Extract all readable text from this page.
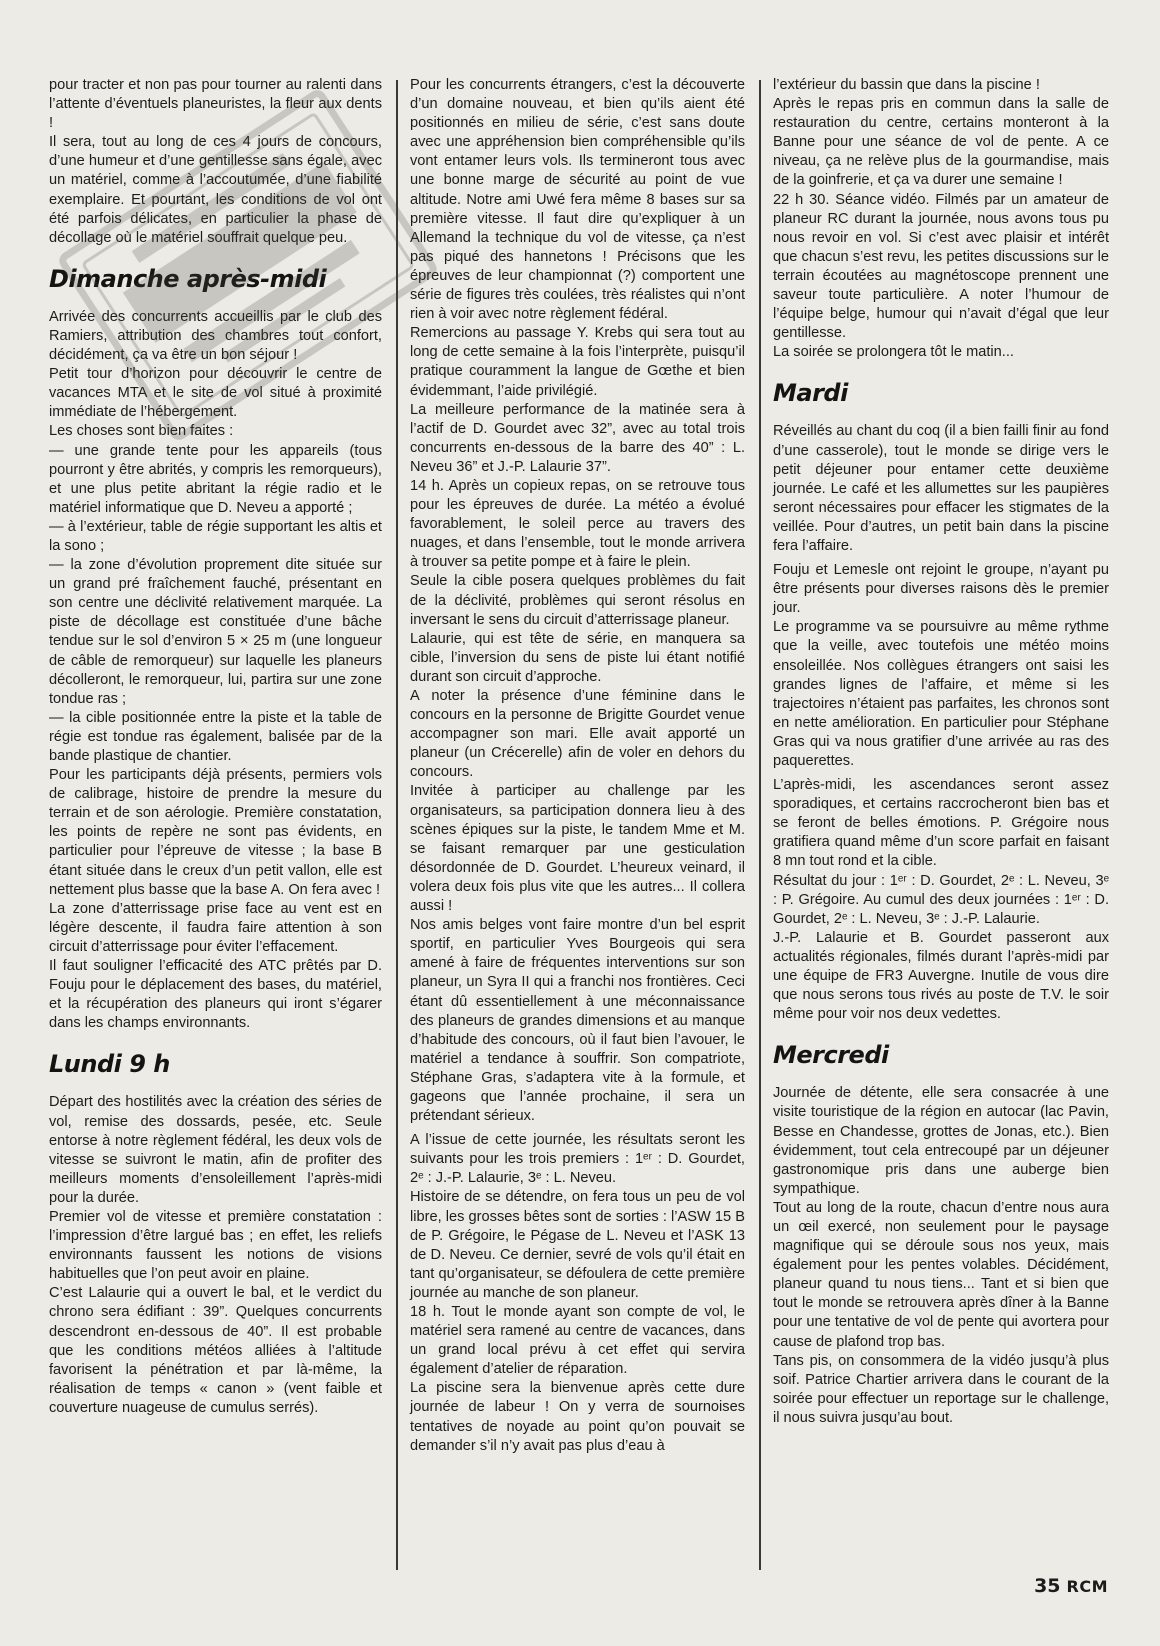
pour tracter et non pas pour tourner au ralenti dans l’attente d’éventuels planeuristes, la fleur aux dents !

Il sera, tout au long de ces 4 jours de concours, d’une humeur et d’une gentillesse sans égale, avec un matériel, comme à l’accoutumée, d’une fiabilité exemplaire. Et pourtant, les conditions de vol ont été parfois délicates, en particulier la phase de décollage où le matériel souffrait quelque peu.

Dimanche après-midi

Arrivée des concurrents accueillis par le club des Ramiers, attribution des chambres tout confort, décidément, ça va être un bon séjour !

Petit tour d’horizon pour découvrir le centre de vacances MTA et le site de vol situé à proximité immédiate de l’hébergement.

Les choses sont bien faites :

— une grande tente pour les appareils (tous pourront y être abrités, y compris les remorqueurs), et une plus petite abritant la régie radio et le matériel informatique que D. Neveu a apporté ;

— à l’extérieur, table de régie supportant les altis et la sono ;

— la zone d’évolution proprement dite située sur un grand pré fraîchement fauché, présentant en son centre une déclivité relativement marquée. La piste de décollage est constituée d’une bâche tendue sur le sol d’environ 5 × 25 m (une longueur de câble de remorqueur) sur laquelle les planeurs décolleront, le remorqueur, lui, partira sur une zone tondue ras ;

— la cible positionnée entre la piste et la table de régie est tondue ras également, balisée par de la bande plastique de chantier.

Pour les participants déjà présents, permiers vols de calibrage, histoire de prendre la mesure du terrain et de son aérologie. Première constatation, les points de repère ne sont pas évidents, en particulier pour l’épreuve de vitesse ; la base B étant située dans le creux d’un petit vallon, elle est nettement plus basse que la base A. On fera avec !

La zone d’atterrissage prise face au vent est en légère descente, il faudra faire attention à son circuit d’atterrissage pour éviter l’effacement.

Il faut souligner l’efficacité des ATC prêtés par D. Fouju pour le déplacement des bases, du matériel, et la récupération des planeurs qui iront s’égarer dans les champs environnants.

Lundi 9 h

Départ des hostilités avec la création des séries de vol, remise des dossards, pesée, etc. Seule entorse à notre règlement fédéral, les deux vols de vitesse se suivront le matin, afin de profiter des meilleurs moments d’ensoleillement l’après-midi pour la durée.

Premier vol de vitesse et première constatation : l’impression d’être largué bas ; en effet, les reliefs environnants faussent les notions de visions habituelles que l’on peut avoir en plaine.

C’est Lalaurie qui a ouvert le bal, et le verdict du chrono sera édifiant : 39”. Quelques concurrents descendront en-dessous de 40”. Il est probable que les conditions météos alliées à l’altitude favorisent la pénétration et par là-même, la réalisation de temps « canon » (vent faible et couverture nuageuse de cumulus serrés).

Pour les concurrents étrangers, c’est la découverte d’un domaine nouveau, et bien qu’ils aient été positionnés en milieu de série, c’est sans doute avec une appréhension bien compréhensible qu’ils vont entamer leurs vols. Ils termineront tous avec une bonne marge de sécurité au point de vue altitude. Notre ami Uwé fera même 8 bases sur sa première vitesse. Il faut dire qu’expliquer à un Allemand la technique du vol de vitesse, ça n’est pas piqué des hannetons ! Précisons que les épreuves de leur championnat (?) comportent une série de figures très coulées, très réalistes qui n’ont rien à voir avec notre règlement fédéral.

Remercions au passage Y. Krebs qui sera tout au long de cette semaine à la fois l’interprète, puisqu’il pratique couramment la langue de Gœthe et bien évidemmant, l’aide privilégié.

La meilleure performance de la matinée sera à l’actif de D. Gourdet avec 32”, avec au total trois concurrents en-dessous de la barre des 40” : L. Neveu 36” et J.-P. Lalaurie 37”.

14 h. Après un copieux repas, on se retrouve tous pour les épreuves de durée. La météo a évolué favorablement, le soleil perce au travers des nuages, et dans l’ensemble, tout le monde arrivera à trouver sa petite pompe et à faire le plein.

Seule la cible posera quelques problèmes du fait de la déclivité, problèmes qui seront résolus en inversant le sens du circuit d’atterrissage planeur.

Lalaurie, qui est tête de série, en manquera sa cible, l’inversion du sens de piste lui étant notifié durant son circuit d’approche.

A noter la présence d’une féminine dans le concours en la personne de Brigitte Gourdet venue accompagner son mari. Elle avait apporté un planeur (un Crécerelle) afin de voler en dehors du concours.

Invitée à participer au challenge par les organisateurs, sa participation donnera lieu à des scènes épiques sur la piste, le tandem Mme et M. se faisant remarquer par une gesticulation désordonnée de D. Gourdet. L’heureux veinard, il volera deux fois plus vite que les autres... Il collera aussi !

Nos amis belges vont faire montre d’un bel esprit sportif, en particulier Yves Bourgeois qui sera amené à faire de fréquentes interventions sur son planeur, un Syra II qui a franchi nos frontières. Ceci étant dû essentiellement à une méconnaissance des planeurs de grandes dimensions et au manque d’habitude des concours, où il faut bien l’avouer, le matériel a tendance à souffrir. Son compatriote, Stéphane Gras, s’adaptera vite à la formule, et gageons que l’année prochaine, il sera un prétendant sérieux.

A l’issue de cette journée, les résultats seront les suivants pour les trois premiers : 1ᵉʳ : D. Gourdet, 2ᵉ : J.-P. Lalaurie, 3ᵉ : L. Neveu.

Histoire de se détendre, on fera tous un peu de vol libre, les grosses bêtes sont de sorties : l’ASW 15 B de P. Grégoire, le Pégase de L. Neveu et l’ASK 13 de D. Neveu. Ce dernier, sevré de vols qu’il était en tant qu’organisateur, se défoulera de cette première journée au manche de son planeur.

18 h. Tout le monde ayant son compte de vol, le matériel sera ramené au centre de vacances, dans un grand local prévu à cet effet qui servira également d’atelier de réparation.

La piscine sera la bienvenue après cette dure journée de labeur ! On y verra de sournoises tentatives de noyade au point qu’on pouvait se demander s’il n’y avait pas plus d’eau à

l’extérieur du bassin que dans la piscine !

Après le repas pris en commun dans la salle de restauration du centre, certains monteront à la Banne pour une séance de vol de pente. A ce niveau, ça ne relève plus de la gourmandise, mais de la goinfrerie, et ça va durer une semaine !

22 h 30. Séance vidéo. Filmés par un amateur de planeur RC durant la journée, nous avons tous pu nous revoir en vol. Si c’est avec plaisir et intérêt que chacun s’est revu, les petites discussions sur le terrain écoutées au magnétoscope prennent une saveur toute particulière. A noter l’humour de l’équipe belge, humour qui n’avait d’égal que leur gentillesse.

La soirée se prolongera tôt le matin...

Mardi

Réveillés au chant du coq (il a bien failli finir au fond d’une casserole), tout le monde se dirige vers le petit déjeuner pour entamer cette deuxième journée. Le café et les allumettes sur les paupières seront nécessaires pour effacer les stigmates de la veillée. Pour d’autres, un petit bain dans la piscine fera l’affaire.

Fouju et Lemesle ont rejoint le groupe, n’ayant pu être présents pour diverses raisons dès le premier jour.

Le programme va se poursuivre au même rythme que la veille, avec toutefois une météo moins ensoleillée. Nos collègues étrangers ont saisi les grandes lignes de l’affaire, et même si les trajectoires n’étaient pas parfaites, les chronos sont en nette amélioration. En particulier pour Stéphane Gras qui va nous gratifier d’une arrivée au ras des paquerettes.

L’après-midi, les ascendances seront assez sporadiques, et certains raccrocheront bien bas et se feront de belles émotions. P. Grégoire nous gratifiera quand même d’un score parfait en faisant 8 mn tout rond et la cible.

Résultat du jour : 1ᵉʳ : D. Gourdet, 2ᵉ : L. Neveu, 3ᵉ : P. Grégoire. Au cumul des deux journées : 1ᵉʳ : D. Gourdet, 2ᵉ : L. Neveu, 3ᵉ : J.-P. Lalaurie.

J.-P. Lalaurie et B. Gourdet passeront aux actualités régionales, filmés durant l’après-midi par une équipe de FR3 Auvergne. Inutile de vous dire que nous serons tous rivés au poste de T.V. le soir même pour voir nos deux vedettes.

Mercredi

Journée de détente, elle sera consacrée à une visite touristique de la région en autocar (lac Pavin, Besse en Chandesse, grottes de Jonas, etc.). Bien évidemment, tout cela entrecoupé par un déjeuner gastronomique pris dans une auberge bien sympathique.

Tout au long de la route, chacun d’entre nous aura un œil exercé, non seulement pour le paysage magnifique qui se déroule sous nos yeux, mais également pour les pentes volables. Décidément, planeur quand tu nous tiens... Tant et si bien que tout le monde se retrouvera après dîner à la Banne pour une tentative de vol de pente qui avortera pour cause de plafond trop bas.

Tans pis, on consommera de la vidéo jusqu’à plus soif. Patrice Chartier arrivera dans le courant de la soirée pour effectuer un reportage sur le challenge, il nous suivra jusqu’au bout.

35 RCM
